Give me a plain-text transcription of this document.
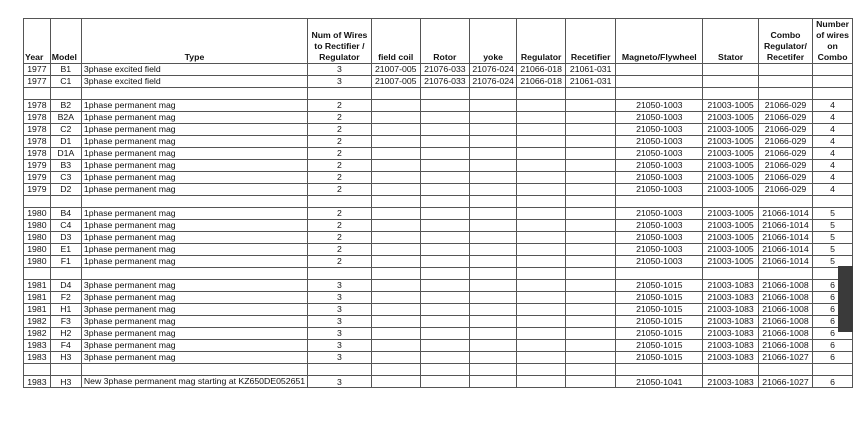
Year	Model	Type	Num of Wires to Rectifier / Regulator	field coil	Rotor	yoke	Regulator	Recetifier	Magneto/Flywheel	Stator	Combo Regulator/ Recetifer	Number of wires on Combo
1977	B1	3phase excited field	3	21007-005	21076-033	21076-024	21066-018	21061-031				
1977	C1	3phase excited field	3	21007-005	21076-033	21076-024	21066-018	21061-031				

1978	B2	1phase permanent mag	2						21050-1003	21003-1005	21066-029	4
1978	B2A	1phase permanent mag	2						21050-1003	21003-1005	21066-029	4
1978	C2	1phase permanent mag	2						21050-1003	21003-1005	21066-029	4
1978	D1	1phase permanent mag	2						21050-1003	21003-1005	21066-029	4
1978	D1A	1phase permanent mag	2						21050-1003	21003-1005	21066-029	4
1979	B3	1phase permanent mag	2						21050-1003	21003-1005	21066-029	4
1979	C3	1phase permanent mag	2						21050-1003	21003-1005	21066-029	4
1979	D2	1phase permanent mag	2						21050-1003	21003-1005	21066-029	4

1980	B4	1phase permanent mag	2						21050-1003	21003-1005	21066-1014	5
1980	C4	1phase permanent mag	2						21050-1003	21003-1005	21066-1014	5
1980	D3	1phase permanent mag	2						21050-1003	21003-1005	21066-1014	5
1980	E1	1phase permanent mag	2						21050-1003	21003-1005	21066-1014	5
1980	F1	1phase permanent mag	2						21050-1003	21003-1005	21066-1014	5

1981	D4	3phase permanent mag	3						21050-1015	21003-1083	21066-1008	6
1981	F2	3phase permanent mag	3						21050-1015	21003-1083	21066-1008	6
1981	H1	3phase permanent mag	3						21050-1015	21003-1083	21066-1008	6
1982	F3	3phase permanent mag	3						21050-1015	21003-1083	21066-1008	6
1982	H2	3phase permanent mag	3						21050-1015	21003-1083	21066-1008	6
1983	F4	3phase permanent mag	3						21050-1015	21003-1083	21066-1008	6
1983	H3	3phase permanent mag	3						21050-1015	21003-1083	21066-1027	6

1983	H3	New 3phase permanent mag starting at KZ650DE052651	3						21050-1041	21003-1083	21066-1027	6
